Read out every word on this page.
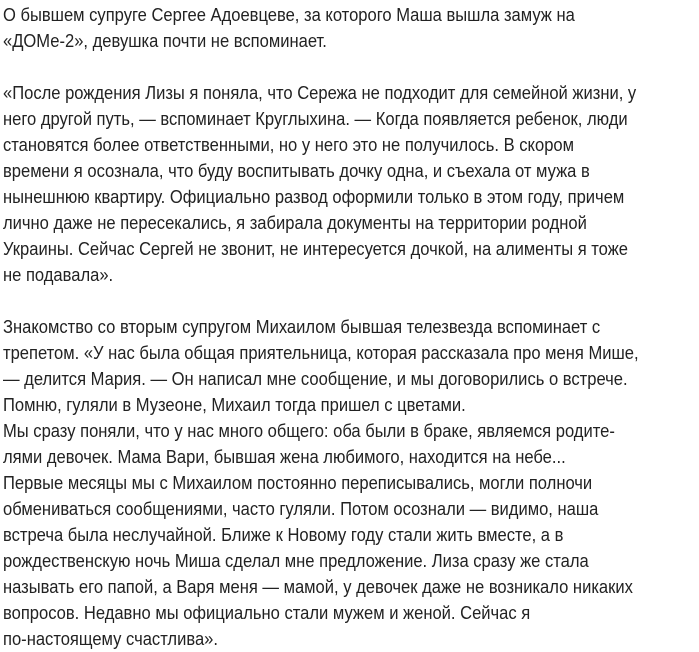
О бывшем супруге Сергее Адоевцеве, за которого Маша вышла замуж на
«ДОМе-2», девушка почти не вспоминает.
«После рождения Лизы я поняла, что Сережа не подходит для семейной жизни, у
него другой путь, — вспоминает Круглыхина. — Когда появляется ребенок, люди
становятся более ответственными, но у него это не получилось. В скором
времени я осознала, что буду воспитывать дочку одна, и съехала от мужа в
нынешнюю квартиру. Официально развод оформили только в этом году, причем
лично даже не пересекались, я забирала документы на территории родной
Украины. Сейчас Сергей не звонит, не интересуется дочкой, на алименты я тоже
не подавала».
Знакомство со вторым супругом Михаилом бывшая телезвезда вспоминает с
трепетом. «У нас была общая приятельница, которая рассказала про меня Мише,
— делится Мария. — Он написал мне сообщение, и мы договорились о встрече.
Помню, гуляли в Музеоне, Михаил тогда пришел с цветами.
Мы сразу поняли, что у нас много общего: оба были в браке, являемся родите-
лями девочек. Мама Вари, бывшая жена любимого, находится на небе...
Первые месяцы мы с Михаилом постоянно переписывались, могли полночи
обмениваться сообщениями, часто гуляли. Потом осознали — видимо, наша
встреча была неслучайной. Ближе к Новому году стали жить вместе, а в
рождественскую ночь Миша сделал мне предложение. Лиза сразу же стала
называть его папой, а Варя меня — мамой, у девочек даже не возникало никаких
вопросов. Недавно мы официально стали мужем и женой. Сейчас я
по-настоящему счастлива».
